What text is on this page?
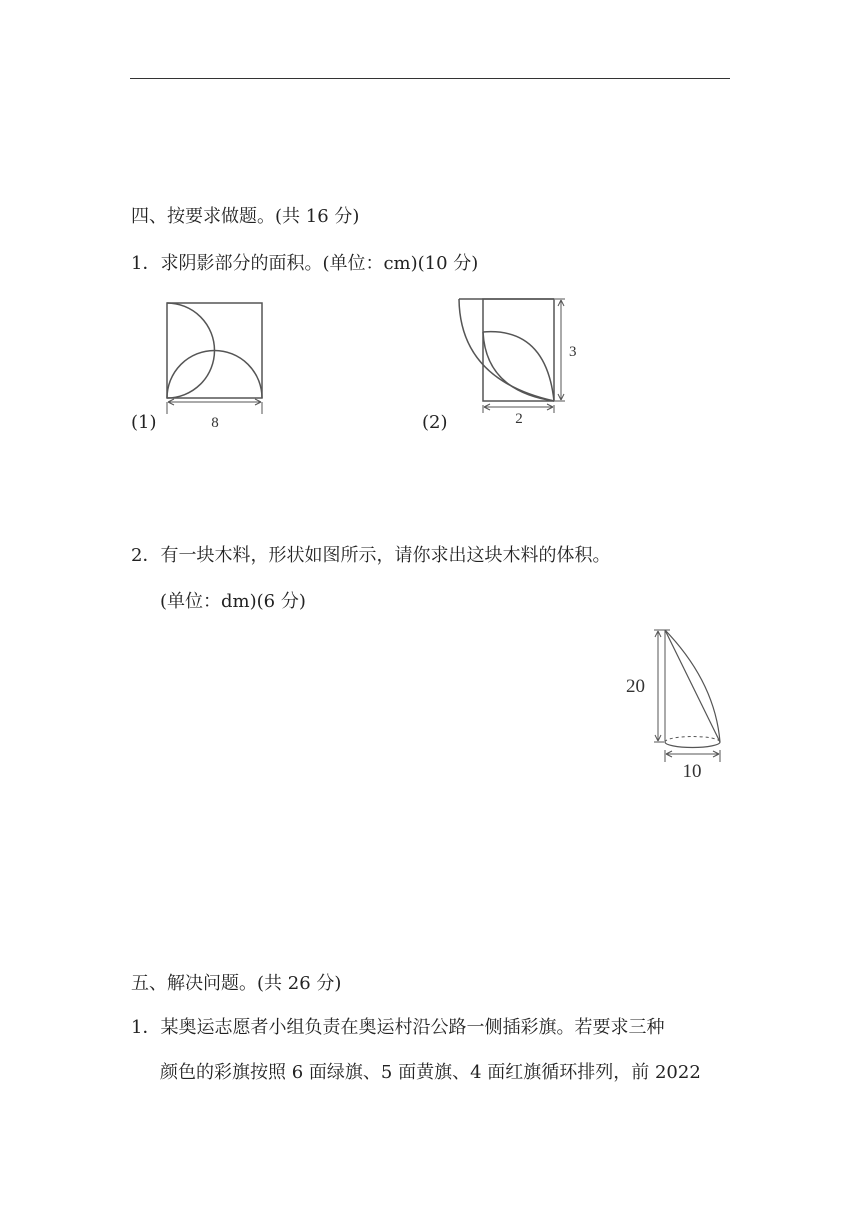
四、按要求做题。(共 16 分)
1．求阴影部分的面积。(单位：cm)(10 分)
(1)	8	(2)	2
3
2．有一块木料，形状如图所示，请你求出这块木料的体积。
(单位：dm)(6 分)
20
10
五、解决问题。(共 26 分)
1．某奥运志愿者小组负责在奥运村沿公路一侧插彩旗。若要求三种
颜色的彩旗按照 6 面绿旗、5 面黄旗、4 面红旗循环排列，前 2022
